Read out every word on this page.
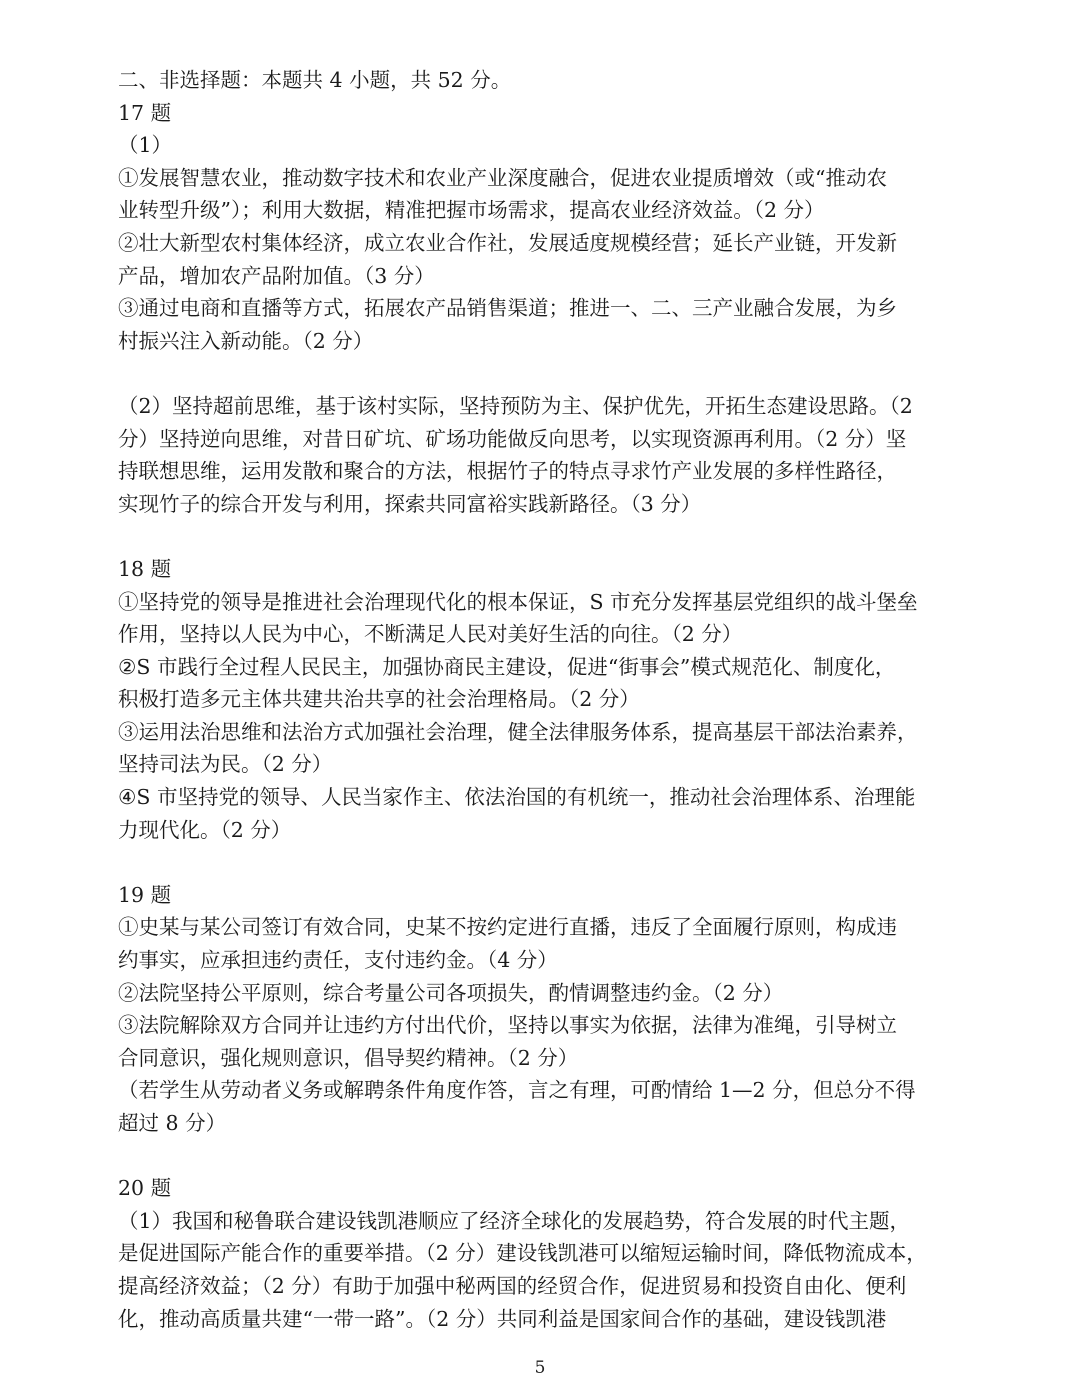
二、非选择题：本题共 4 小题，共 52 分。
17 题
（1）
①发展智慧农业，推动数字技术和农业产业深度融合，促进农业提质增效（或“推动农
业转型升级”）；利用大数据，精准把握市场需求，提高农业经济效益。（2 分）
②壮大新型农村集体经济，成立农业合作社，发展适度规模经营；延长产业链，开发新
产品，增加农产品附加值。（3 分）
③通过电商和直播等方式，拓展农产品销售渠道；推进一、二、三产业融合发展，为乡
村振兴注入新动能。（2 分）
（2）坚持超前思维，基于该村实际，坚持预防为主、保护优先，开拓生态建设思路。（2
分）坚持逆向思维，对昔日矿坑、矿场功能做反向思考，以实现资源再利用。（2 分）坚
持联想思维，运用发散和聚合的方法，根据竹子的特点寻求竹产业发展的多样性路径，
实现竹子的综合开发与利用，探索共同富裕实践新路径。（3 分）
18 题
①坚持党的领导是推进社会治理现代化的根本保证，S 市充分发挥基层党组织的战斗堡垒
作用，坚持以人民为中心，不断满足人民对美好生活的向往。（2 分）
②S 市践行全过程人民民主，加强协商民主建设，促进“街事会”模式规范化、制度化，
积极打造多元主体共建共治共享的社会治理格局。（2 分）
③运用法治思维和法治方式加强社会治理，健全法律服务体系，提高基层干部法治素养，
坚持司法为民。（2 分）
④S 市坚持党的领导、人民当家作主、依法治国的有机统一，推动社会治理体系、治理能
力现代化。（2 分）
19 题
①史某与某公司签订有效合同，史某不按约定进行直播，违反了全面履行原则，构成违
约事实，应承担违约责任，支付违约金。（4 分）
②法院坚持公平原则，综合考量公司各项损失，酌情调整违约金。（2 分）
③法院解除双方合同并让违约方付出代价，坚持以事实为依据，法律为准绳，引导树立
合同意识，强化规则意识，倡导契约精神。（2 分）
（若学生从劳动者义务或解聘条件角度作答，言之有理，可酌情给 1—2 分，但总分不得
超过 8 分）
20 题
（1）我国和秘鲁联合建设钱凯港顺应了经济全球化的发展趋势，符合发展的时代主题，
是促进国际产能合作的重要举措。（2 分）建设钱凯港可以缩短运输时间，降低物流成本，
提高经济效益；（2 分）有助于加强中秘两国的经贸合作，促进贸易和投资自由化、便利
化，推动高质量共建“一带一路”。（2 分）共同利益是国家间合作的基础，建设钱凯港
5
